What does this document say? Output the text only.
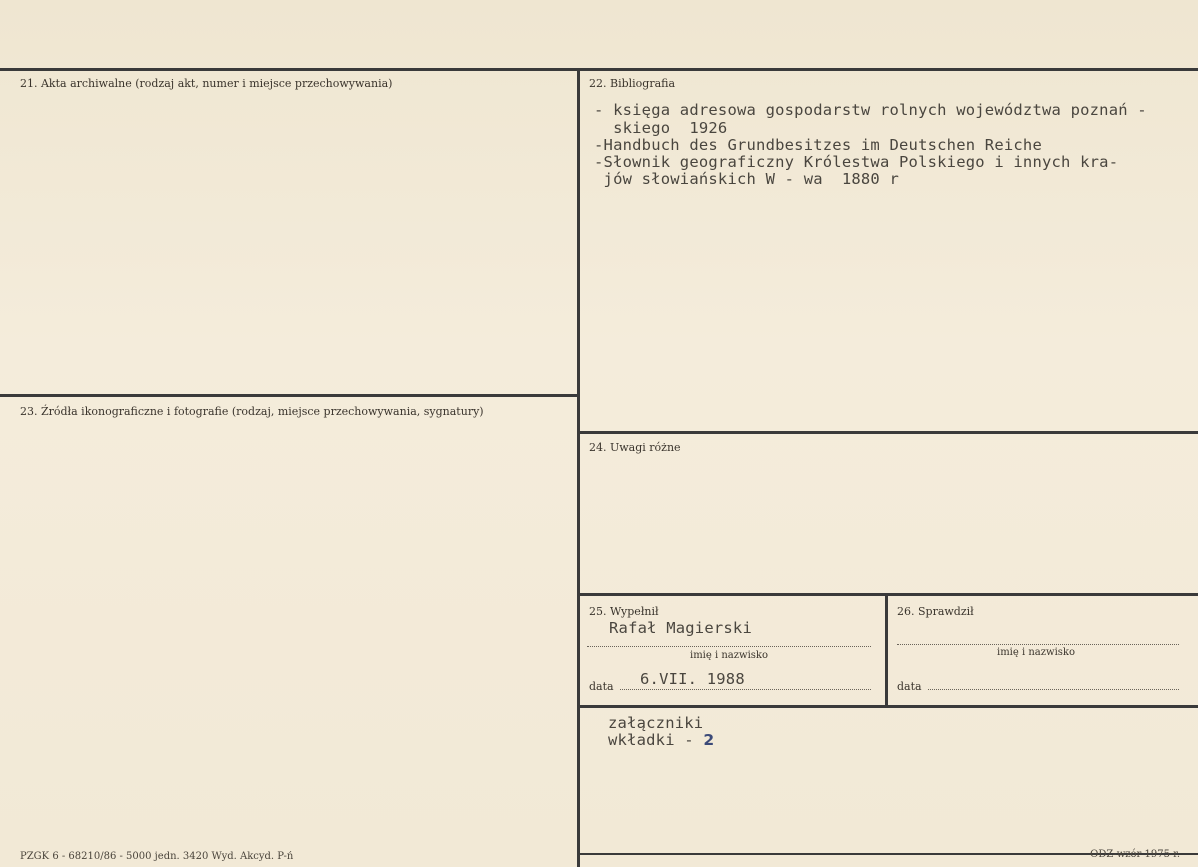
21. Akta archiwalne (rodzaj akt, numer i miejsce przechowywania)	22. Bibliografia
23. Źródła ikonograficzne i fotografie (rodzaj, miejsce przechowywania, sygnatury)
24. Uwagi różne
25. Wypełnił	26. Sprawdził
- księga adresowa gospodarstw rolnych województwa poznań -
skiego  1926
-Handbuch des Grundbesitzes im Deutschen Reiche
-Słownik geograficzny Królestwa Polskiego i innych kra-
jów słowiańskich W - wa  1880 r
Rafał Magierski
imię i nazwisko
data 6.VII. 1988
imię i nazwisko
data
załączniki
wkładki - 2
PZGK 6 - 68210/86 - 5000 jedn. 3420 Wyd. Akcyd. P-ń	ODZ-wzór 1975 r.
